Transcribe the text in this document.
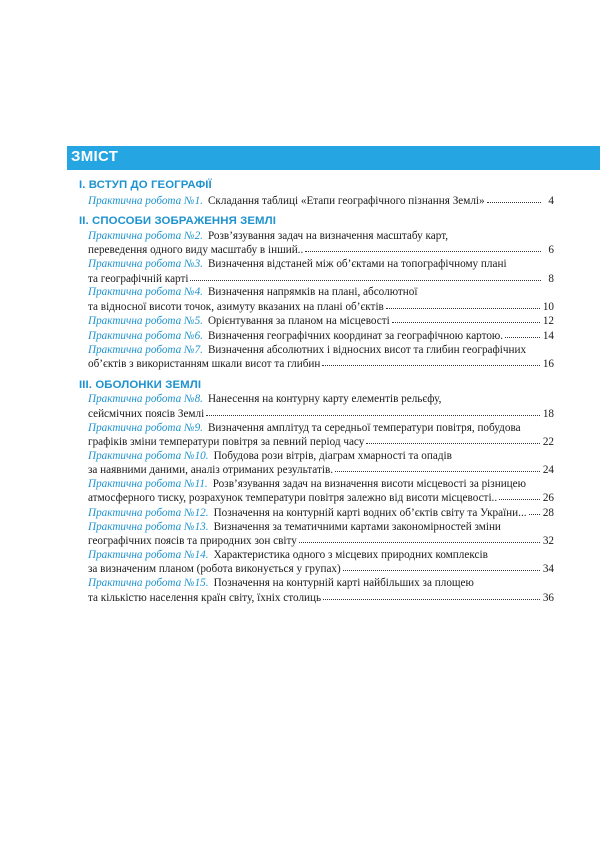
ЗМІСТ
I. ВСТУП ДО ГЕОГРАФІЇ
Практична робота №1. Складання таблиці «Етапи географічного пізнання Землі»	4
II. СПОСОБИ ЗОБРАЖЕННЯ ЗЕМЛІ
Практична робота №2. Розв’язування задач на визначення масштабу карт,
переведення одного виду масштабу в інший..	6
Практична робота №3. Визначення відстаней між об’єктами на топографічному плані
та географічній карті	8
Практична робота №4. Визначення напрямків на плані, абсолютної
та відносної висоти точок, азимуту вказаних на плані об’єктів	10
Практична робота №5. Орієнтування за планом на місцевості	12
Практична робота №6. Визначення географічних координат за географічною картою.	14
Практична робота №7. Визначення абсолютних і відносних висот та глибин географічних
об’єктів з використанням шкали висот та глибин	16
III. ОБОЛОНКИ ЗЕМЛІ
Практична робота №8. Нанесення на контурну карту елементів рельєфу,
сейсмічних поясів Землі	18
Практична робота №9. Визначення амплітуд та середньої температури повітря, побудова
графіків зміни температури повітря за певний період часу	22
Практична робота №10. Побудова рози вітрів, діаграм хмарності та опадів
за наявними даними, аналіз отриманих результатів.	24
Практична робота №11. Розв’язування задач на визначення висоти місцевості за різницею
атмосферного тиску, розрахунок температури повітря залежно від висоти місцевості..	26
Практична робота №12. Позначення на контурній карті водних об’єктів світу та України... 28
Практична робота №13. Визначення за тематичними картами закономірностей зміни
географічних поясів та природних зон світу	32
Практична робота №14. Характеристика одного з місцевих природних комплексів
за визначеним планом (робота виконується у групах)	34
Практична робота №15. Позначення на контурній карті найбільших за площею
та кількістю населення країн світу, їхніх столиць	36
